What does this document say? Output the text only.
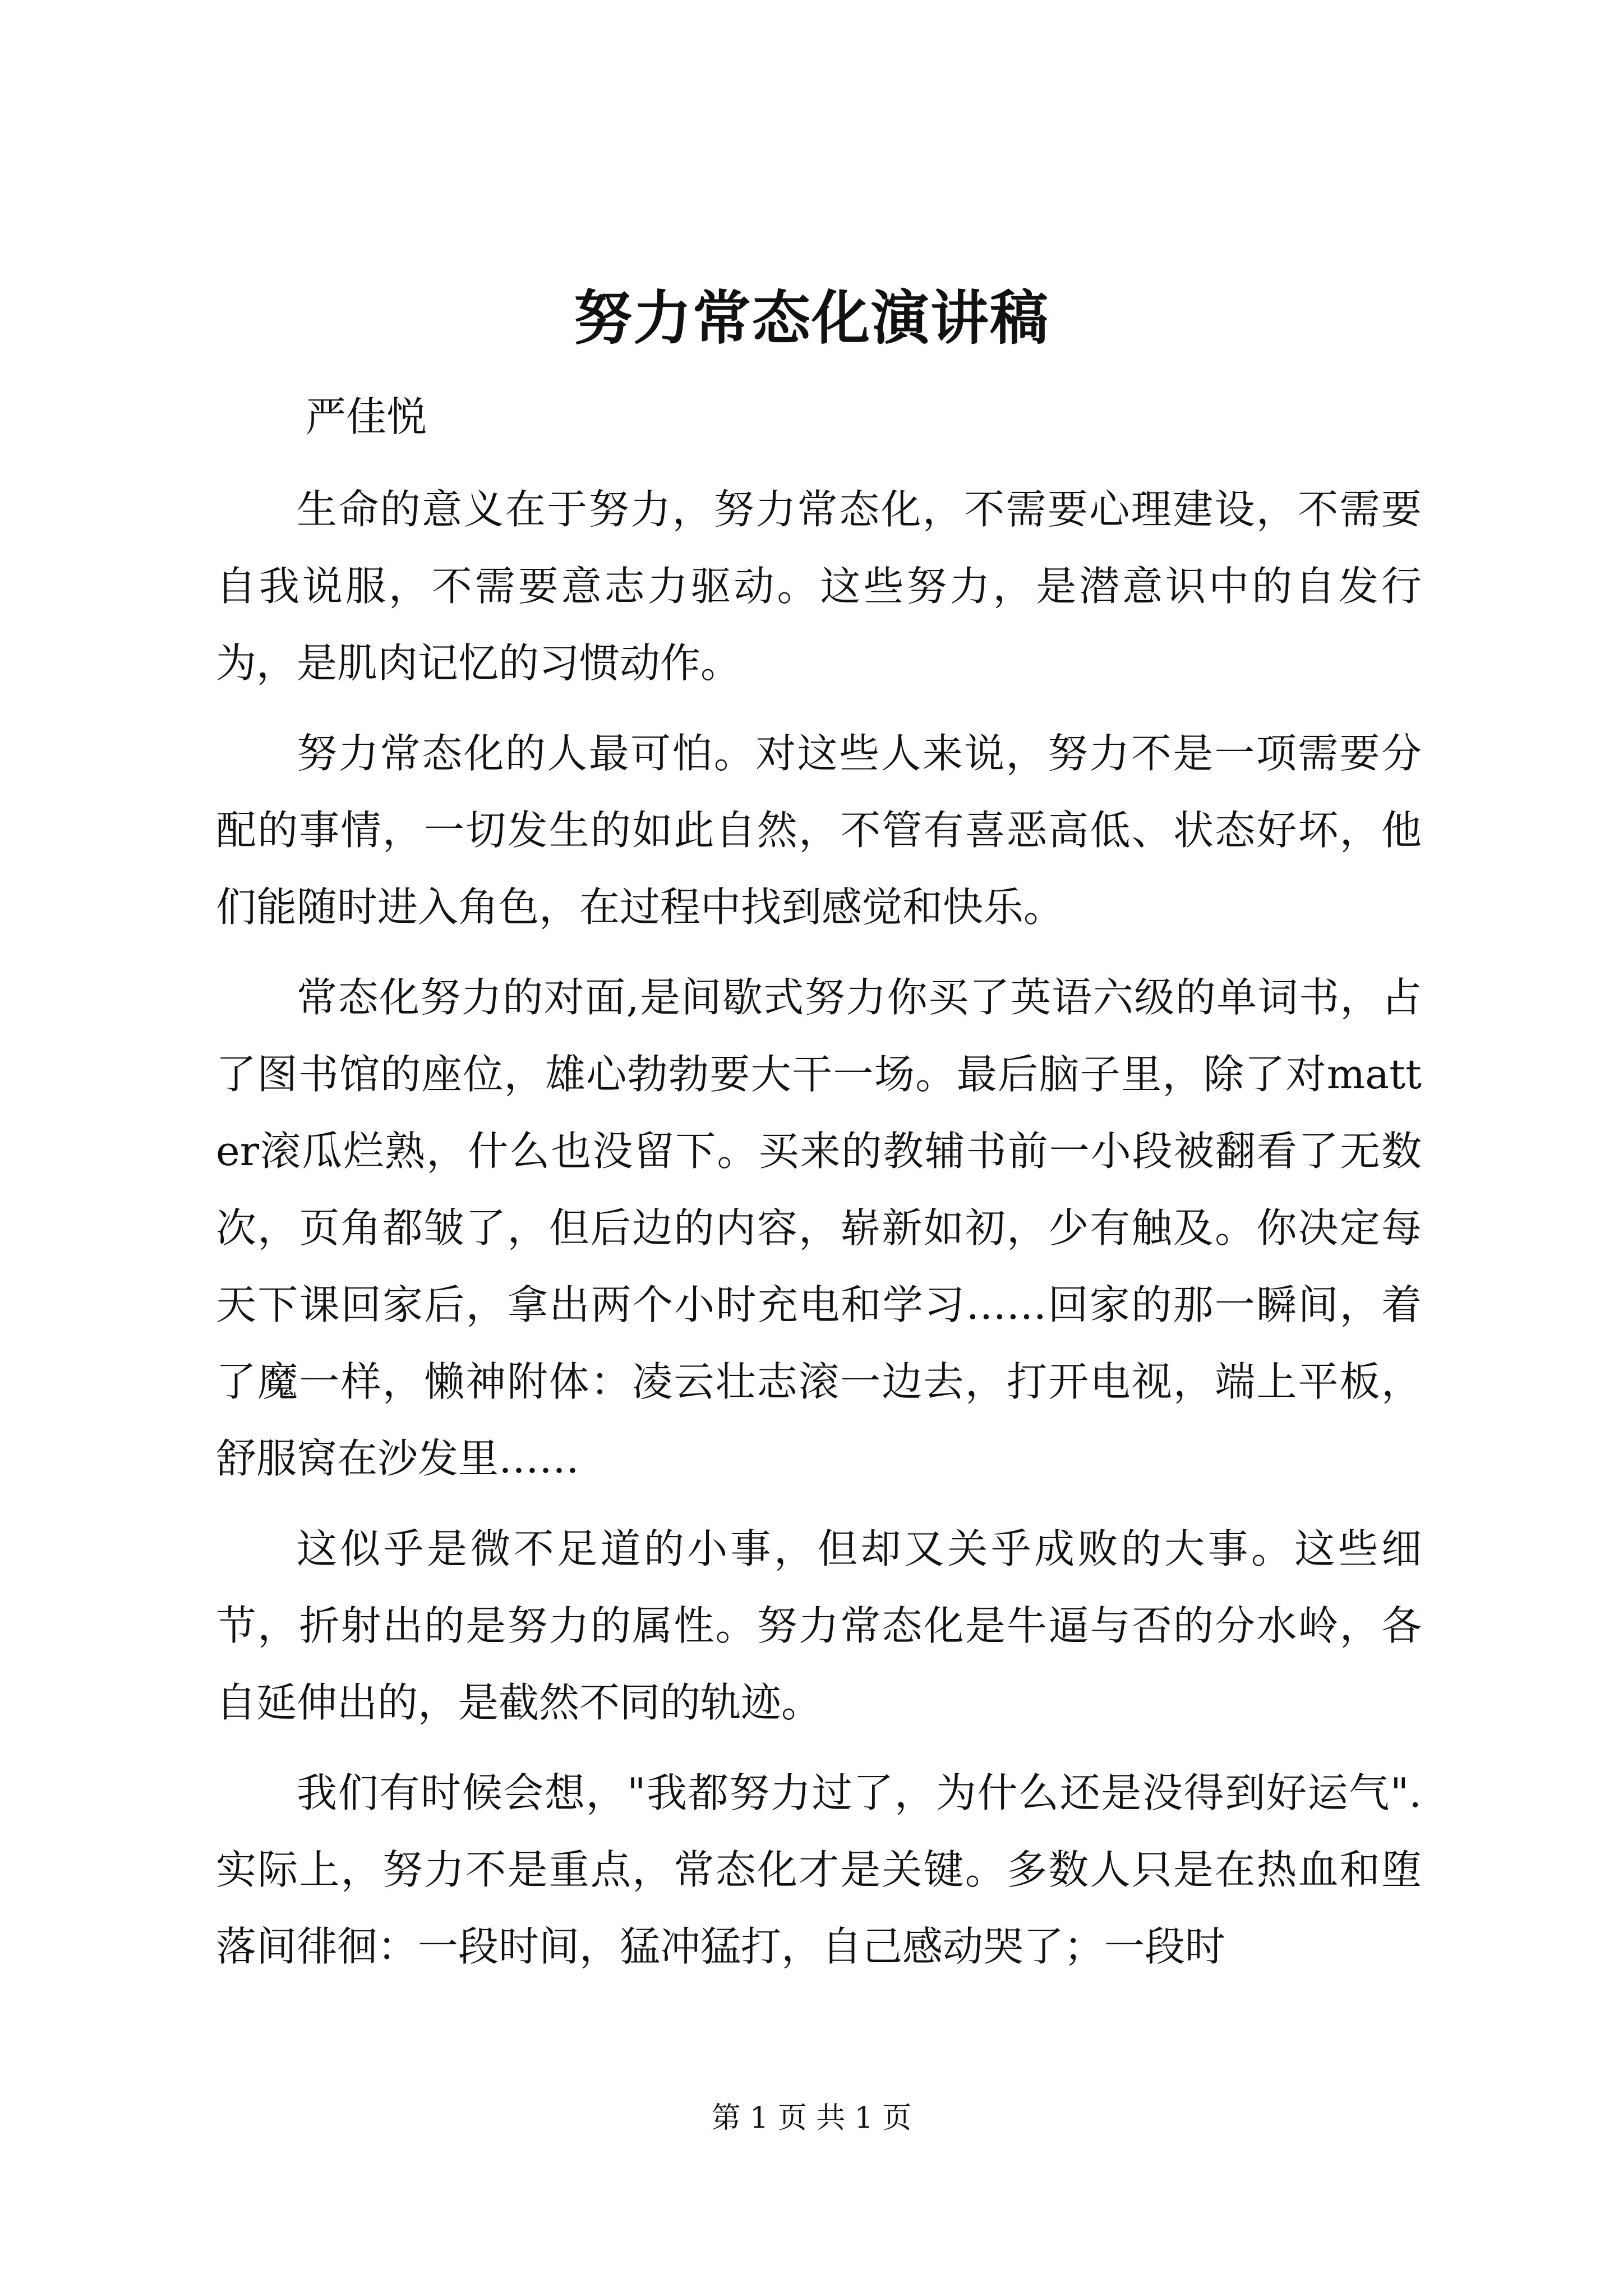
努力常态化演讲稿
严佳悦

生命的意义在于努力，努力常态化，不需要心理建设，不需要自我说服，不需要意志力驱动。这些努力，是潜意识中的自发行为，是肌肉记忆的习惯动作。

努力常态化的人最可怕。对这些人来说，努力不是一项需要分配的事情，一切发生的如此自然，不管有喜恶高低、状态好坏，他们能随时进入角色，在过程中找到感觉和快乐。

常态化努力的对面,是间歇式努力你买了英语六级的单词书，占了图书馆的座位，雄心勃勃要大干一场。最后脑子里，除了对matter滚瓜烂熟，什么也没留下。买来的教辅书前一小段被翻看了无数次，页角都皱了，但后边的内容，崭新如初，少有触及。你决定每天下课回家后，拿出两个小时充电和学习……回家的那一瞬间，着了魔一样，懒神附体：凌云壮志滚一边去，打开电视，端上平板，舒服窝在沙发里……

这似乎是微不足道的小事，但却又关乎成败的大事。这些细节，折射出的是努力的属性。努力常态化是牛逼与否的分水岭，各自延伸出的，是截然不同的轨迹。

我们有时候会想，"我都努力过了，为什么还是没得到好运气".实际上，努力不是重点，常态化才是关键。多数人只是在热血和堕落间徘徊：一段时间，猛冲猛打，自己感动哭了；一段时

第 1 页 共 1 页
